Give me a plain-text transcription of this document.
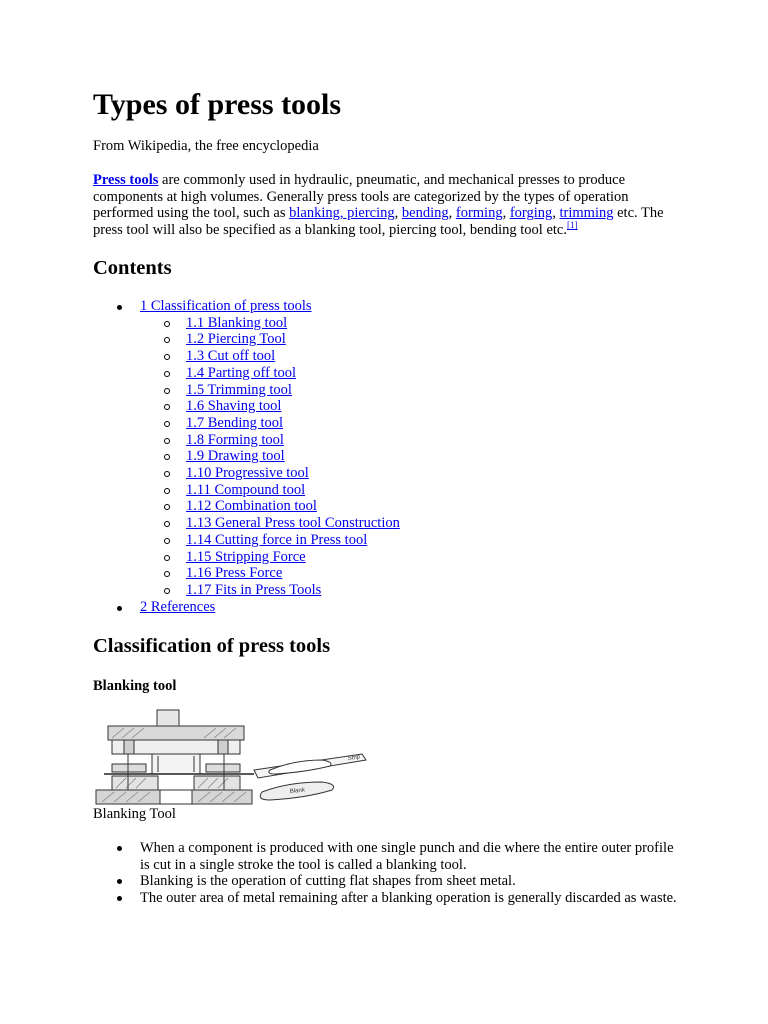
Types of press tools
From Wikipedia, the free encyclopedia

Press tools are commonly used in hydraulic, pneumatic, and mechanical presses to produce components at high volumes. Generally press tools are categorized by the types of operation performed using the tool, such as blanking, piercing, bending, forming, forging, trimming etc. The press tool will also be specified as a blanking tool, piercing tool, bending tool etc.[1]

Contents
1 Classification of press tools
1.1 Blanking tool
1.2 Piercing Tool
1.3 Cut off tool
1.4 Parting off tool
1.5 Trimming tool
1.6 Shaving tool
1.7 Bending tool
1.8 Forming tool
1.9 Drawing tool
1.10 Progressive tool
1.11 Compound tool
1.12 Combination tool
1.13 General Press tool Construction
1.14 Cutting force in Press tool
1.15 Stripping Force
1.16 Press Force
1.17 Fits in Press Tools
2 References
Classification of press tools
Blanking tool
Strip
Blank
Blanking Tool
When a component is produced with one single punch and die where the entire outer profile is cut in a single stroke the tool is called a blanking tool.
Blanking is the operation of cutting flat shapes from sheet metal.
The outer area of metal remaining after a blanking operation is generally discarded as waste.
